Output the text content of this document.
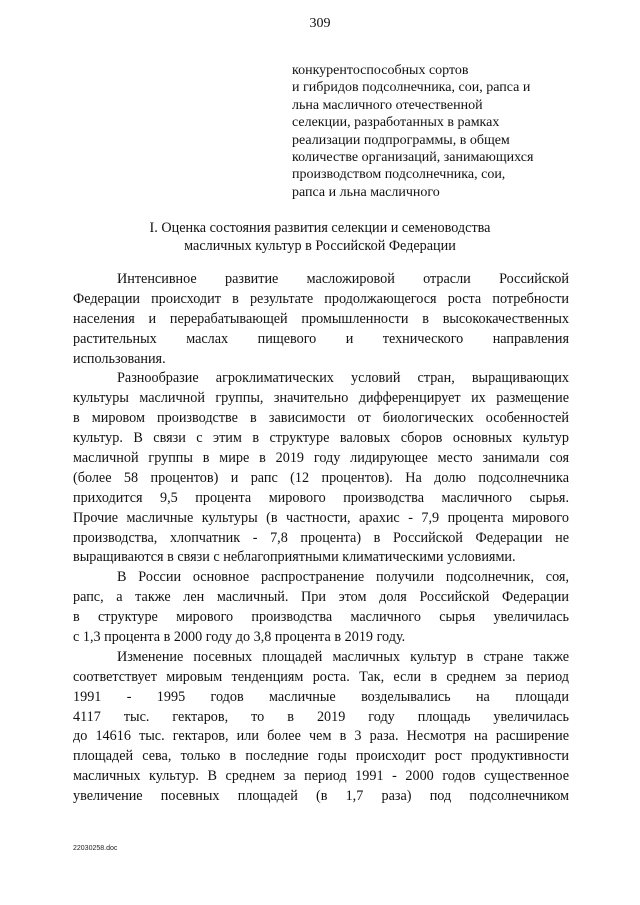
309
конкурентоспособных сортов
и гибридов подсолнечника, сои, рапса и
льна масличного отечественной
селекции, разработанных в рамках
реализации подпрограммы, в общем
количестве организаций, занимающихся
производством подсолнечника, сои,
рапса и льна масличного
I. Оценка состояния развития селекции и семеноводства
масличных культур в Российской Федерации
Интенсивное развитие масложировой отрасли Российской
Федерации происходит в результате продолжающегося роста потребности
населения и перерабатывающей промышленности в высококачественных
растительных маслах пищевого и технического направления
использования.
Разнообразие агроклиматических условий стран, выращивающих
культуры масличной группы, значительно дифференцирует их размещение
в мировом производстве в зависимости от биологических особенностей
культур. В связи с этим в структуре валовых сборов основных культур
масличной группы в мире в 2019 году лидирующее место занимали соя
(более 58 процентов) и рапс (12 процентов). На долю подсолнечника
приходится 9,5 процента мирового производства масличного сырья.
Прочие масличные культуры (в частности, арахис - 7,9 процента мирового
производства, хлопчатник - 7,8 процента) в Российской Федерации не
выращиваются в связи с неблагоприятными климатическими условиями.
В России основное распространение получили подсолнечник, соя,
рапс, а также лен масличный. При этом доля Российской Федерации
в структуре мирового производства масличного сырья увеличилась
с 1,3 процента в 2000 году до 3,8 процента в 2019 году.
Изменение посевных площадей масличных культур в стране также
соответствует мировым тенденциям роста. Так, если в среднем за период
1991 - 1995 годов масличные возделывались на площади
4117 тыс. гектаров, то в 2019 году площадь увеличилась
до 14616 тыс. гектаров, или более чем в 3 раза. Несмотря на расширение
площадей сева, только в последние годы происходит рост продуктивности
масличных культур. В среднем за период 1991 - 2000 годов существенное
увеличение посевных площадей (в 1,7 раза) под подсолнечником
22030258.doc
